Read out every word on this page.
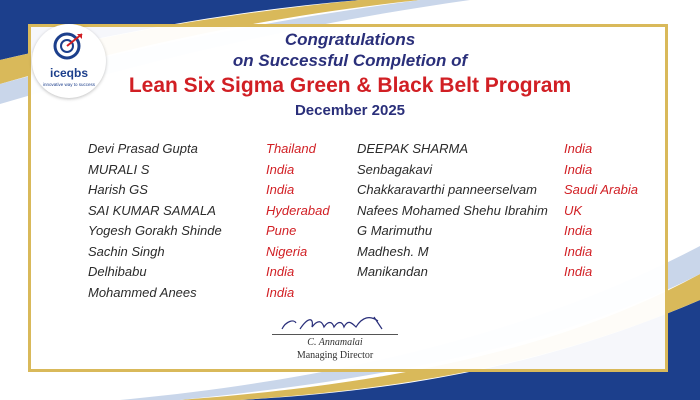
iceqbs
innovative way to success
Congratulations
on Successful Completion of
Lean Six Sigma Green & Black Belt Program
December 2025
Devi Prasad Gupta
MURALI S
Harish GS
SAI KUMAR SAMALA
Yogesh Gorakh Shinde
Sachin Singh
Delhibabu
Mohammed Anees
Thailand
India
India
Hyderabad
Pune
Nigeria
India
India
DEEPAK SHARMA
Senbagakavi
Chakkaravarthi panneerselvam
Nafees Mohamed Shehu Ibrahim
G Marimuthu
Madhesh. M
Manikandan
India
India
Saudi Arabia
UK
India
India
India
C. Annamalai
Managing Director
